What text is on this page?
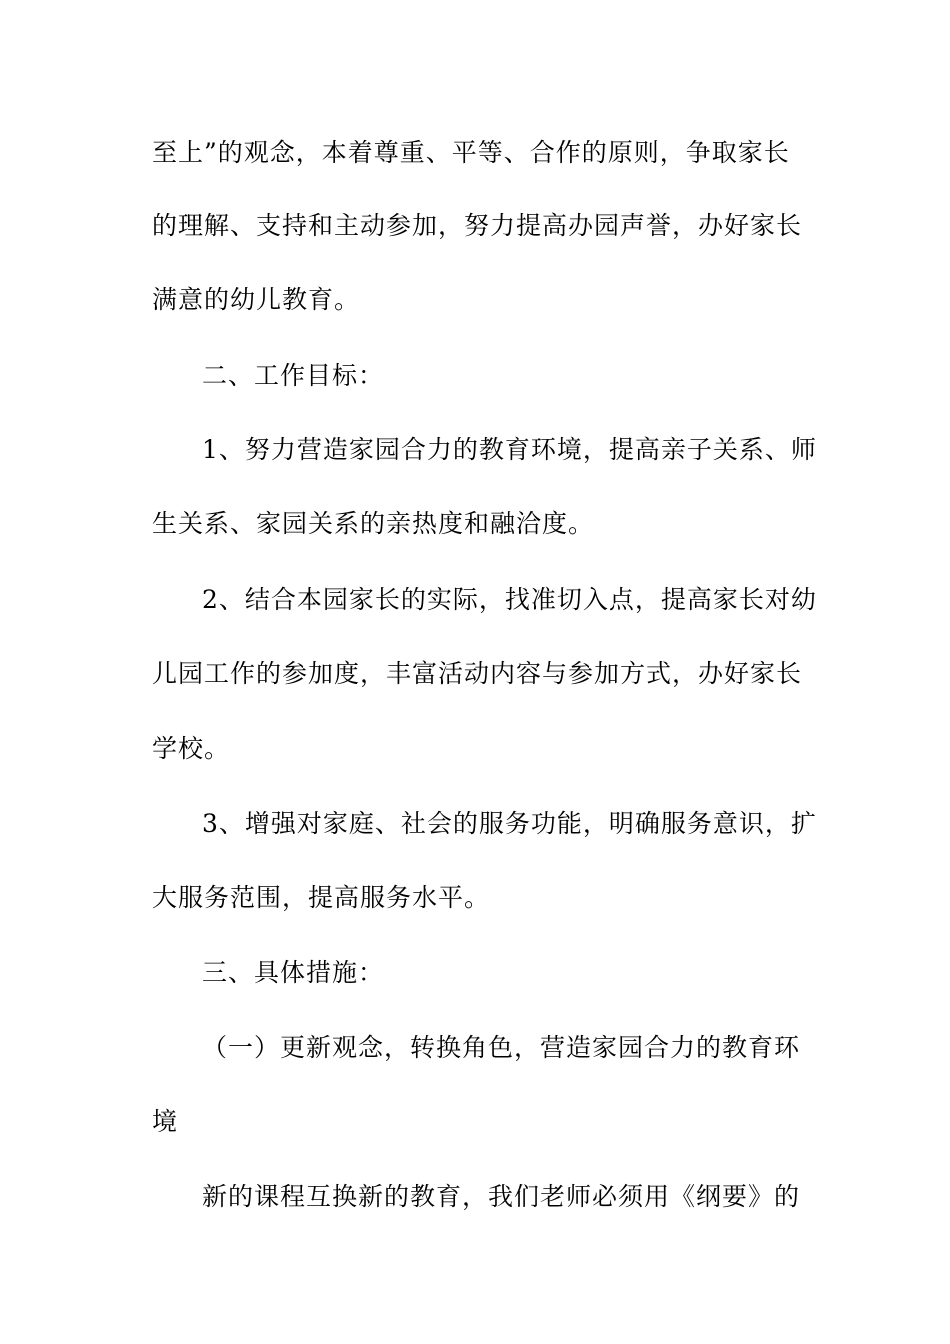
至上”的观念，本着尊重、平等、合作的原则，争取家长
的理解、支持和主动参加，努力提高办园声誉，办好家长
满意的幼儿教育。
二、工作目标：
1、努力营造家园合力的教育环境，提高亲子关系、师
生关系、家园关系的亲热度和融洽度。
2、结合本园家长的实际，找准切入点，提高家长对幼
儿园工作的参加度，丰富活动内容与参加方式，办好家长
学校。
3、增强对家庭、社会的服务功能，明确服务意识，扩
大服务范围，提高服务水平。
三、具体措施：
（一）更新观念，转换角色，营造家园合力的教育环
境
新的课程互换新的教育，我们老师必须用《纲要》的
